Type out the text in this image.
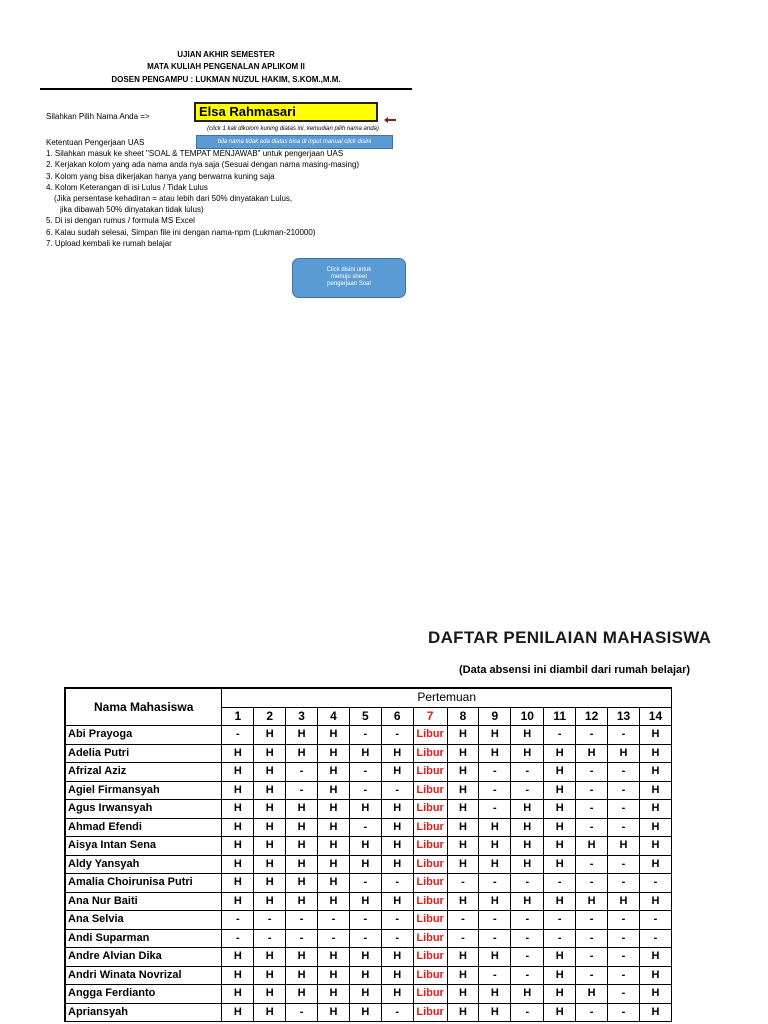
UJIAN AKHIR SEMESTER
MATA KULIAH PENGENALAN APLIKOM II
DOSEN PENGAMPU : LUKMAN NUZUL HAKIM, S.KOM.,M.M.
Silahkan Pilih Nama Anda =>	Elsa Rahmasari
(click 1 kali dikolom kuning diatas ini, kemudian pilih nama anda)
bila nama tidak ada diatas bisa di input manual click disini
Ketentuan Pengerjaan UAS
1. Silahkan masuk ke sheet "SOAL & TEMPAT MENJAWAB" untuk pengerjaan UAS
2. Kerjakan kolom yang ada nama anda nya saja (Sesuai dengan nama masing-masing)
3. Kolom yang bisa dikerjakan hanya yang berwarna kuning saja
4. Kolom Keterangan di isi Lulus / Tidak Lulus
(Jika persentase kehadiran = atau lebih dari 50% dinyatakan Lulus,
jika dibawah 50% dinyatakan tidak lulus)
5. Di isi dengan rumus / formula MS Excel
6. Kalau sudah selesai, Simpan file ini dengan nama-npm (Lukman-210000)
7. Upload kembali ke rumah belajar
Click disini untuk menuju sheet pengerjaan Soal
DAFTAR PENILAIAN MAHASISWA
(Data absensi ini diambil dari rumah belajar)
Nama Mahasiswa	Pertemuan													
	1	2	3	4	5	6	7	8	9	10	11	12	13	14
Abi Prayoga	-	H	H	H	-	-	Libur	H	H	H	-	-	-	H
Adelia Putri	H	H	H	H	H	H	Libur	H	H	H	H	H	H	H
Afrizal Aziz	H	H	-	H	-	H	Libur	H	-	-	H	-	-	H
Agiel Firmansyah	H	H	-	H	-	-	Libur	H	-	-	H	-	-	H
Agus Irwansyah	H	H	H	H	H	H	Libur	H	-	H	H	-	-	H
Ahmad Efendi	H	H	H	H	-	H	Libur	H	H	H	H	-	-	H
Aisya Intan Sena	H	H	H	H	H	H	Libur	H	H	H	H	H	H	H
Aldy Yansyah	H	H	H	H	H	H	Libur	H	H	H	H	-	-	H
Amalia Choirunisa Putri	H	H	H	H	-	-	Libur	-	-	-	-	-	-	-
Ana Nur Baiti	H	H	H	H	H	H	Libur	H	H	H	H	H	H	H
Ana Selvia	-	-	-	-	-	-	Libur	-	-	-	-	-	-	-
Andi Suparman	-	-	-	-	-	-	Libur	-	-	-	-	-	-	-
Andre Alvian Dika	H	H	H	H	H	H	Libur	H	H	-	H	-	-	H
Andri Winata Novrizal	H	H	H	H	H	H	Libur	H	-	-	H	-	-	H
Angga Ferdianto	H	H	H	H	H	H	Libur	H	H	H	H	H	-	H
Apriansyah	H	H	-	H	H	-	Libur	H	H	-	H	-	-	H
